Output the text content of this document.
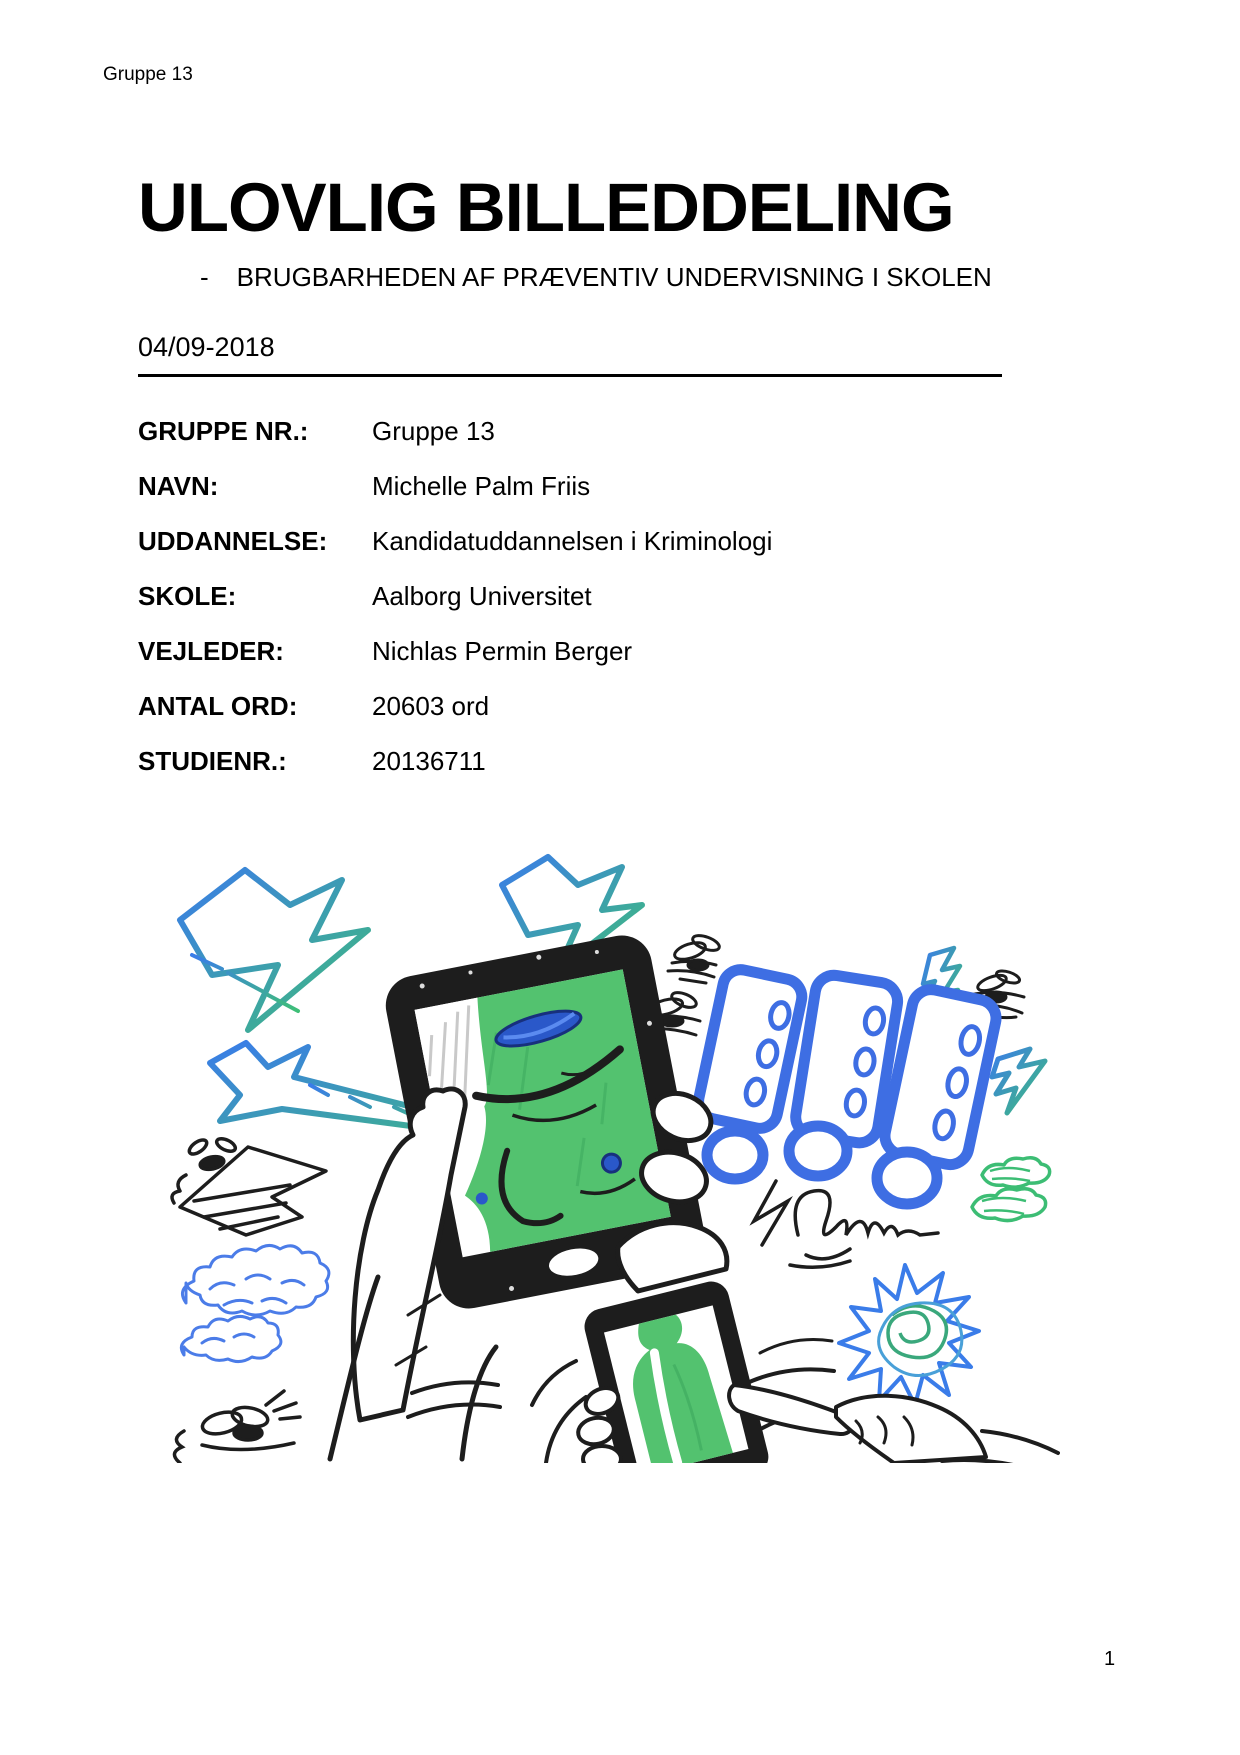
Gruppe 13
ULOVLIG BILLEDDELING
- BRUGBARHEDEN AF PRÆVENTIV UNDERVISNING I SKOLEN
04/09-2018
GRUPPE NR.:	Gruppe 13
NAVN:	Michelle Palm Friis
UDDANNELSE:	Kandidatuddannelsen i Kriminologi
SKOLE:	Aalborg Universitet
VEJLEDER:	Nichlas Permin Berger
ANTAL ORD:	20603 ord
STUDIENR.:	20136711
1
